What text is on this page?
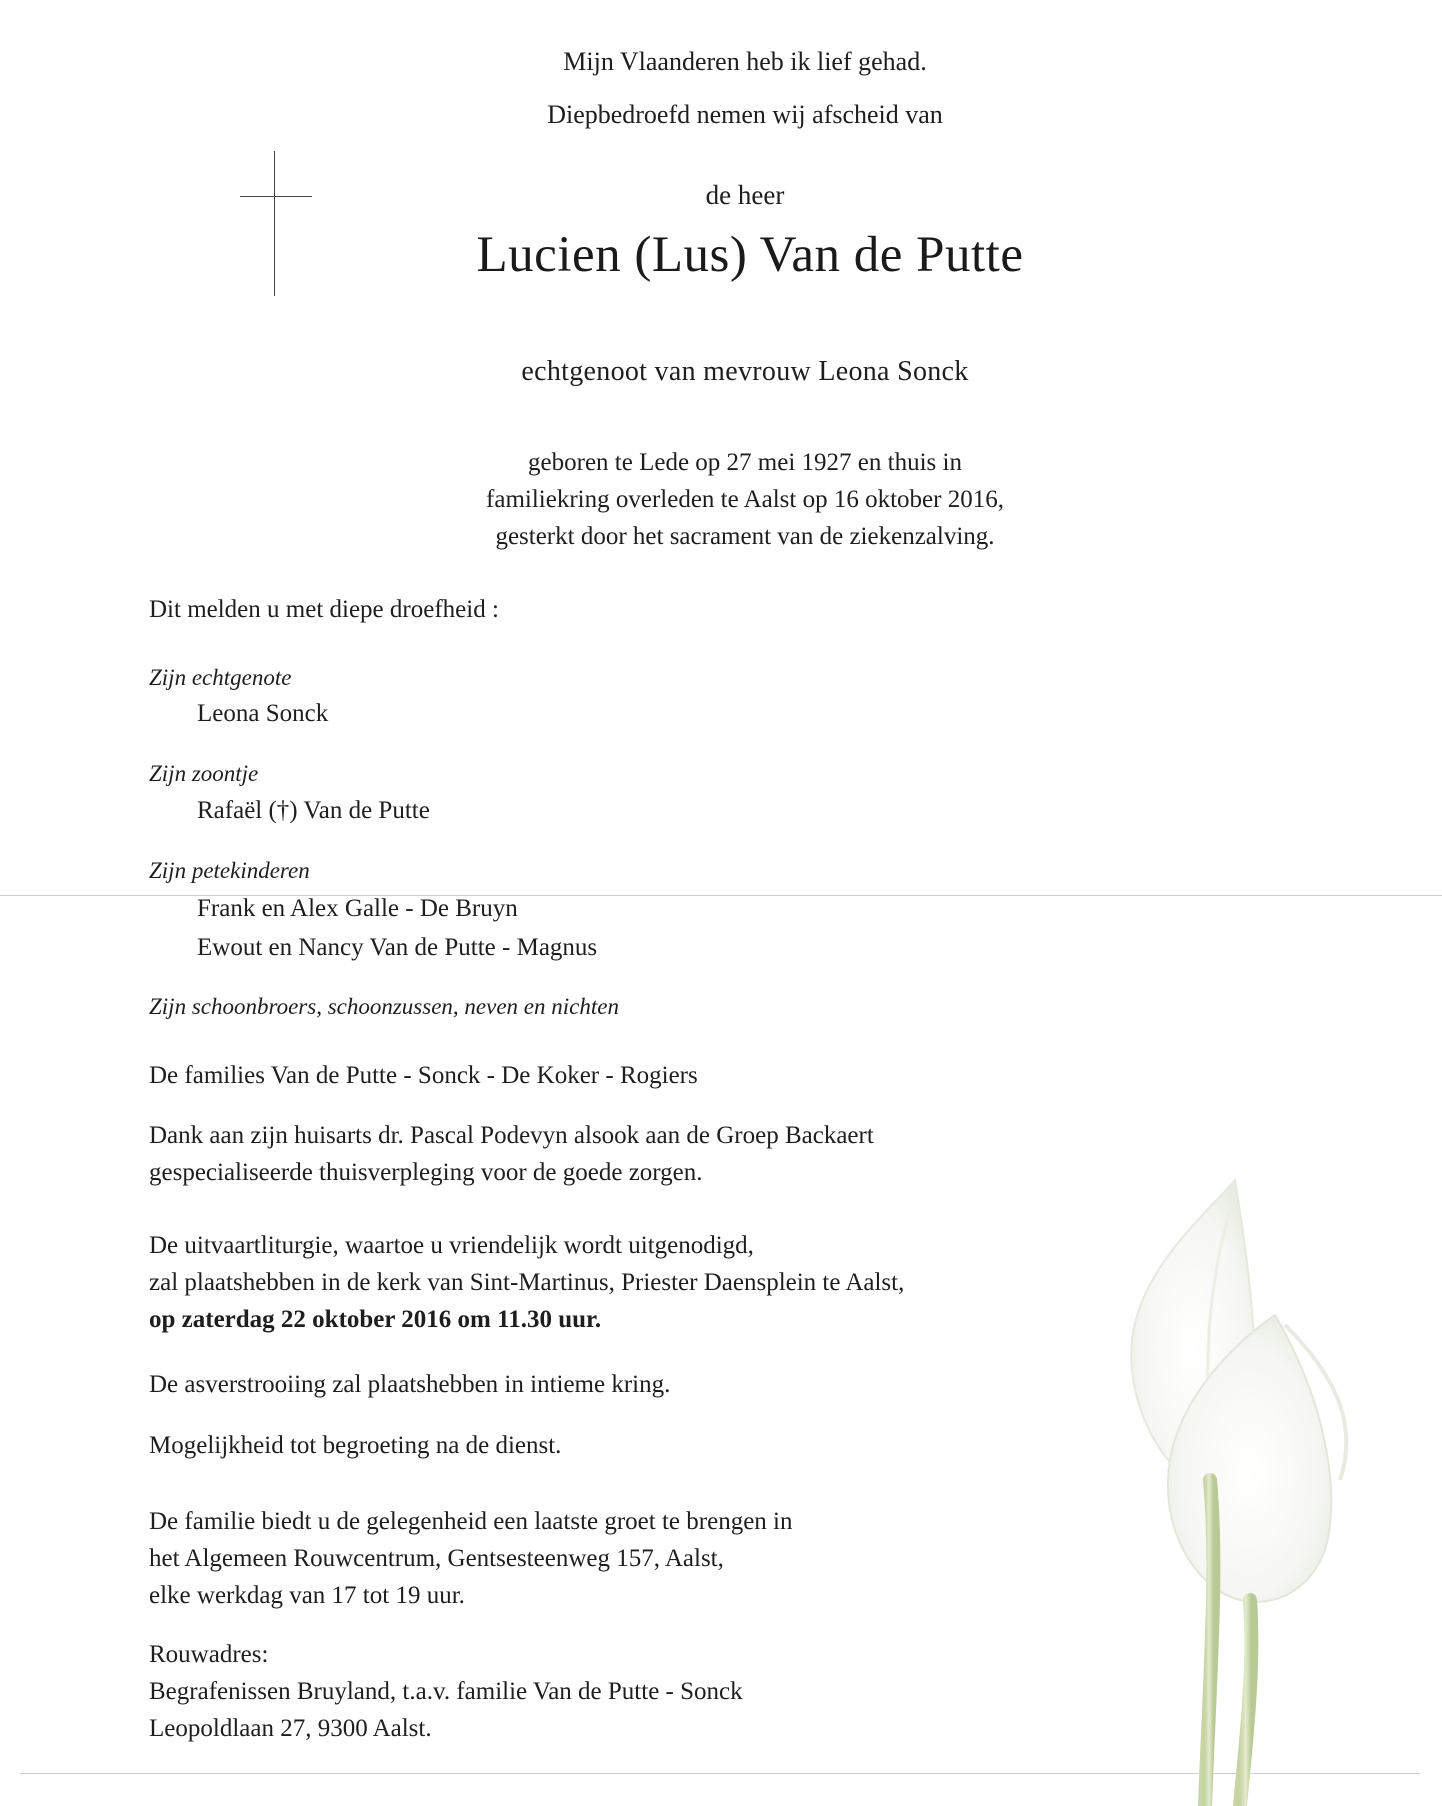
Mijn Vlaanderen heb ik lief gehad.

Diepbedroefd nemen wij afscheid van

de heer

Lucien (Lus) Van de Putte

echtgenoot van mevrouw Leona Sonck

geboren te Lede op 27 mei 1927 en thuis in
familiekring overleden te Aalst op 16 oktober 2016,
gesterkt door het sacrament van de ziekenzalving.

Dit melden u met diepe droefheid :

Zijn echtgenote

Leona Sonck

Zijn zoontje

Rafaël (†) Van de Putte

Zijn petekinderen

Frank en Alex Galle - De Bruyn

Ewout en Nancy Van de Putte - Magnus

Zijn schoonbroers, schoonzussen, neven en nichten

De families Van de Putte - Sonck - De Koker - Rogiers

Dank aan zijn huisarts dr. Pascal Podevyn alsook aan de Groep Backaert
gespecialiseerde thuisverpleging voor de goede zorgen.
De uitvaartliturgie, waartoe u vriendelijk wordt uitgenodigd,
zal plaatshebben in de kerk van Sint-Martinus, Priester Daensplein te Aalst,
op zaterdag 22 oktober 2016 om 11.30 uur.

De asverstrooiing zal plaatshebben in intieme kring.

Mogelijkheid tot begroeting na de dienst.

De familie biedt u de gelegenheid een laatste groet te brengen in
het Algemeen Rouwcentrum, Gentsesteenweg 157, Aalst,
elke werkdag van 17 tot 19 uur.
Rouwadres:
Begrafenissen Bruyland, t.a.v. familie Van de Putte - Sonck
Leopoldlaan 27, 9300 Aalst.
